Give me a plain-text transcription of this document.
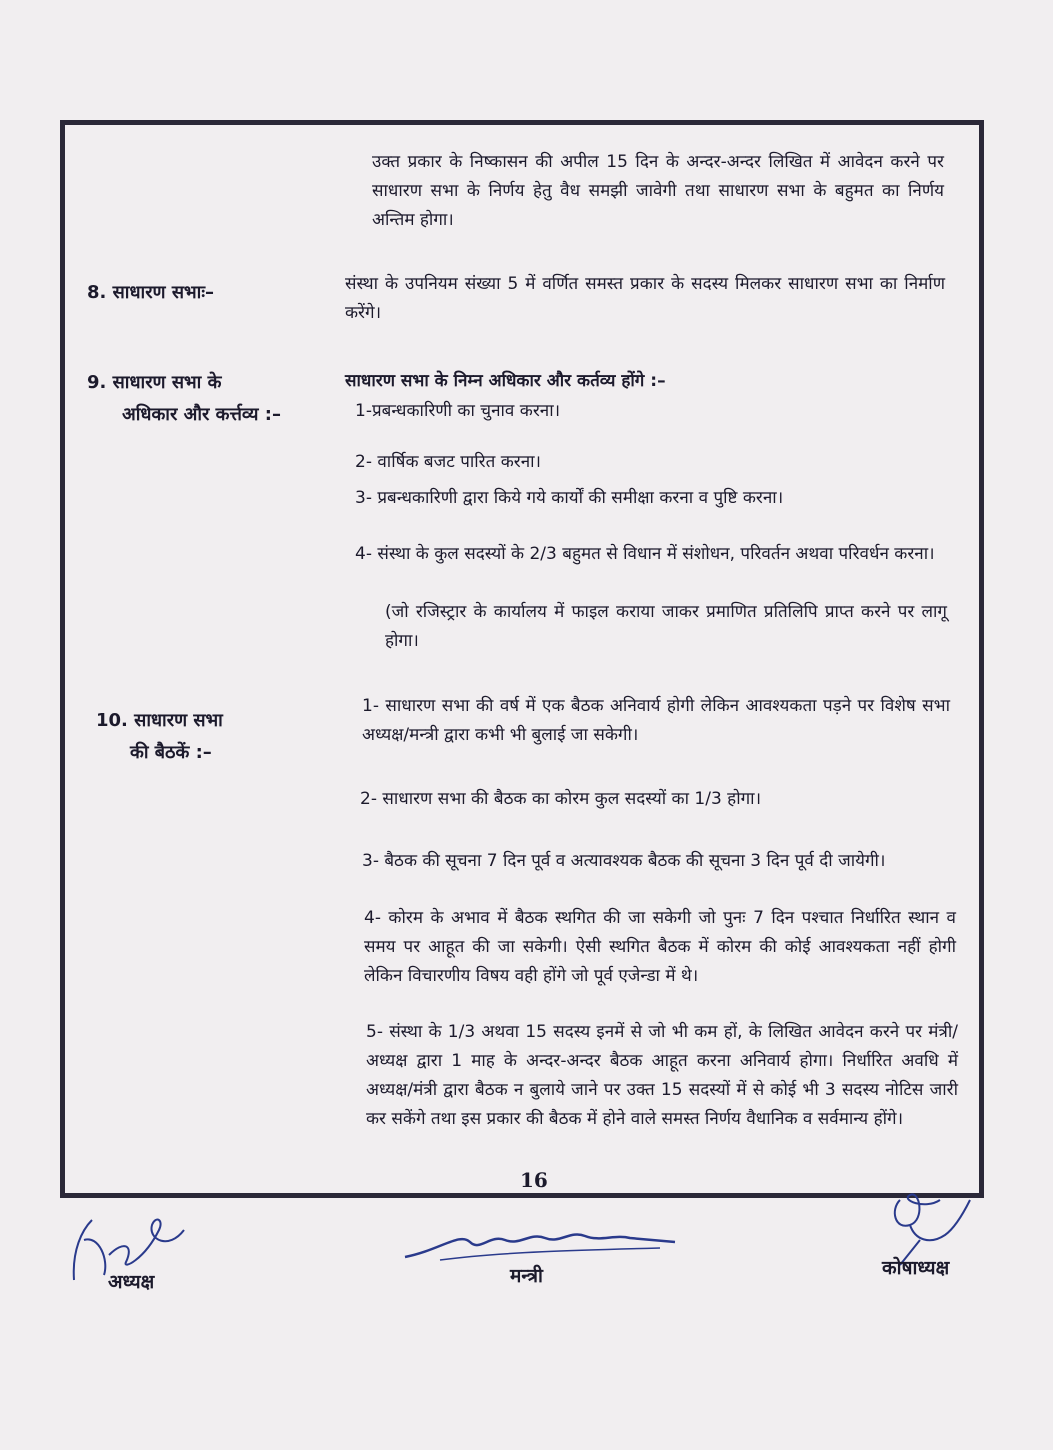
उक्त प्रकार के निष्कासन की अपील 15 दिन के अन्दर-अन्दर लिखित में आवेदन करने पर साधारण सभा के निर्णय हेतु वैध समझी जावेगी तथा साधारण सभा के बहुमत का निर्णय अन्तिम होगा।
8. साधारण सभाः–	संस्था के उपनियम संख्या 5 में वर्णित समस्त प्रकार के सदस्य मिलकर साधारण सभा का निर्माण करेंगे।
9. साधारण सभा के
अधिकार और कर्त्तव्य :–
साधारण सभा के निम्न अधिकार और कर्तव्य होंगे :–
1-प्रबन्धकारिणी का चुनाव करना।
2- वार्षिक बजट पारित करना।
3- प्रबन्धकारिणी द्वारा किये गये कार्यों की समीक्षा करना व पुष्टि करना।
4- संस्था के कुल सदस्यों के 2/3 बहुमत से विधान में संशोधन, परिवर्तन अथवा परिवर्धन करना।
(जो रजिस्ट्रार के कार्यालय में फाइल कराया जाकर प्रमाणित प्रतिलिपि प्राप्त करने पर लागू होगा।
10. साधारण सभा
की बैठकें :–
1- साधारण सभा की वर्ष में एक बैठक अनिवार्य होगी लेकिन आवश्यकता पड़ने पर विशेष सभा अध्यक्ष/मन्त्री द्वारा कभी भी बुलाई जा सकेगी।
2- साधारण सभा की बैठक का कोरम कुल सदस्यों का 1/3 होगा।
3- बैठक की सूचना 7 दिन पूर्व व अत्यावश्यक बैठक की सूचना 3 दिन पूर्व दी जायेगी।
4- कोरम के अभाव में बैठक स्थगित की जा सकेगी जो पुनः 7 दिन पश्चात निर्धारित स्थान व समय पर आहूत की जा सकेगी। ऐसी स्थगित बैठक में कोरम की कोई आवश्यकता नहीं होगी लेकिन विचारणीय विषय वही होंगे जो पूर्व एजेन्डा में थे।
5- संस्था के 1/3 अथवा 15 सदस्य इनमें से जो भी कम हों, के लिखित आवेदन करने पर मंत्री/अध्यक्ष द्वारा 1 माह के अन्दर-अन्दर बैठक आहूत करना अनिवार्य होगा। निर्धारित अवधि में अध्यक्ष/मंत्री द्वारा बैठक न बुलाये जाने पर उक्त 15 सदस्यों में से कोई भी 3 सदस्य नोटिस जारी कर सकेंगे तथा इस प्रकार की बैठक में होने वाले समस्त निर्णय वैधानिक व सर्वमान्य होंगे।
16
अध्यक्ष	मन्त्री	कोषाध्यक्ष
